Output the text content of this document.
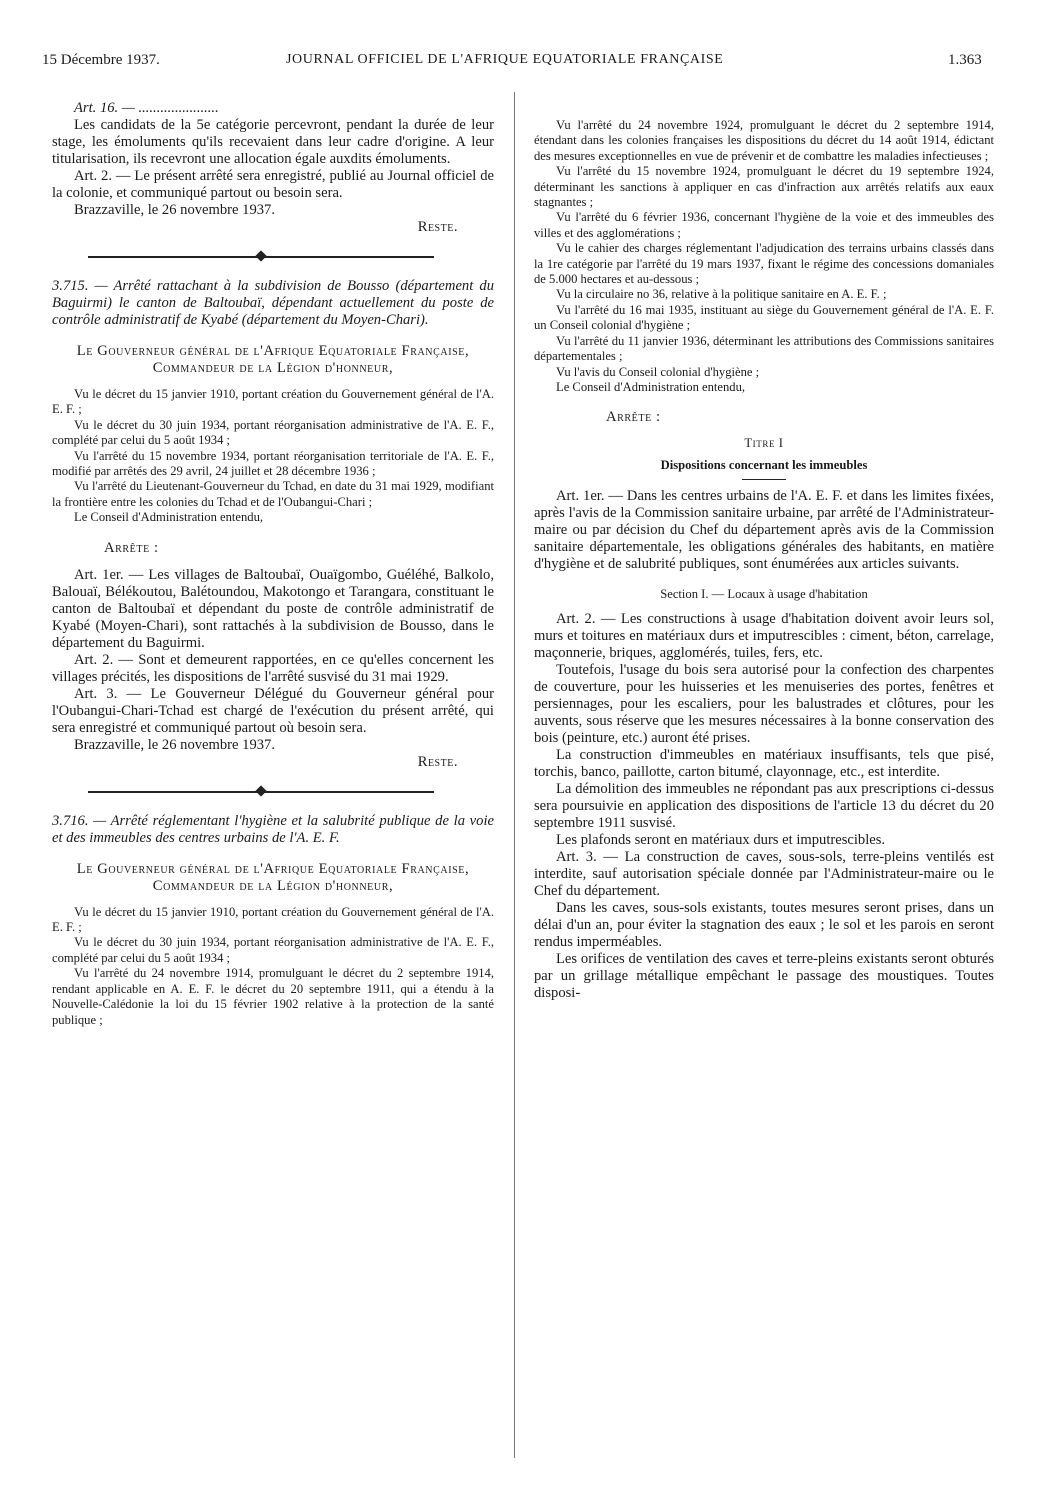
15 Décembre 1937.	JOURNAL OFFICIEL DE L'AFRIQUE EQUATORIALE FRANÇAISE	1.363

Art. 16. — ......................

Les candidats de la 5e catégorie percevront, pendant la durée de leur stage, les émoluments qu'ils recevaient dans leur cadre d'origine. A leur titularisation, ils recevront une allocation égale auxdits émoluments.

Art. 2. — Le présent arrêté sera enregistré, publié au Journal officiel de la colonie, et communiqué partout ou besoin sera.

Brazzaville, le 26 novembre 1937.

Reste.

3.715. — Arrêté rattachant à la subdivision de Bousso (département du Baguirmi) le canton de Baltoubaï, dépendant actuellement du poste de contrôle administratif de Kyabé (département du Moyen-Chari).

Le Gouverneur général de l'Afrique Equatoriale Française, Commandeur de la Légion d'honneur,

Vu le décret du 15 janvier 1910, portant création du Gouvernement général de l'A. E. F. ;

Vu le décret du 30 juin 1934, portant réorganisation administrative de l'A. E. F., complété par celui du 5 août 1934 ;

Vu l'arrêté du 15 novembre 1934, portant réorganisation territoriale de l'A. E. F., modifié par arrêtés des 29 avril, 24 juillet et 28 décembre 1936 ;

Vu l'arrêté du Lieutenant-Gouverneur du Tchad, en date du 31 mai 1929, modifiant la frontière entre les colonies du Tchad et de l'Oubangui-Chari ;

Le Conseil d'Administration entendu,

Arrête :

Art. 1er. — Les villages de Baltoubaï, Ouaïgombo, Guéléhé, Balkolo, Balouaï, Bélékoutou, Balétoundou, Makotongo et Tarangara, constituant le canton de Baltoubaï et dépendant du poste de contrôle administratif de Kyabé (Moyen-Chari), sont rattachés à la subdivision de Bousso, dans le département du Baguirmi.

Art. 2. — Sont et demeurent rapportées, en ce qu'elles concernent les villages précités, les dispositions de l'arrêté susvisé du 31 mai 1929.

Art. 3. — Le Gouverneur Délégué du Gouverneur général pour l'Oubangui-Chari-Tchad est chargé de l'exécution du présent arrêté, qui sera enregistré et communiqué partout où besoin sera.

Brazzaville, le 26 novembre 1937.

Reste.

3.716. — Arrêté réglementant l'hygiène et la salubrité publique de la voie et des immeubles des centres urbains de l'A. E. F.

Le Gouverneur général de l'Afrique Equatoriale Française, Commandeur de la Légion d'honneur,

Vu le décret du 15 janvier 1910, portant création du Gouvernement général de l'A. E. F. ;

Vu le décret du 30 juin 1934, portant réorganisation administrative de l'A. E. F., complété par celui du 5 août 1934 ;

Vu l'arrêté du 24 novembre 1914, promulguant le décret du 2 septembre 1914, rendant applicable en A. E. F. le décret du 20 septembre 1911, qui a étendu à la Nouvelle-Calédonie la loi du 15 février 1902 relative à la protection de la santé publique ;

Vu l'arrêté du 24 novembre 1924, promulguant le décret du 2 septembre 1914, étendant dans les colonies françaises les dispositions du décret du 14 août 1914, édictant des mesures exceptionnelles en vue de prévenir et de combattre les maladies infectieuses ;

Vu l'arrêté du 15 novembre 1924, promulguant le décret du 19 septembre 1924, déterminant les sanctions à appliquer en cas d'infraction aux arrêtés relatifs aux eaux stagnantes ;

Vu l'arrêté du 6 février 1936, concernant l'hygiène de la voie et des immeubles des villes et des agglomérations ;

Vu le cahier des charges réglementant l'adjudication des terrains urbains classés dans la 1re catégorie par l'arrêté du 19 mars 1937, fixant le régime des concessions domaniales de 5.000 hectares et au-dessous ;

Vu la circulaire no 36, relative à la politique sanitaire en A. E. F. ;

Vu l'arrêté du 16 mai 1935, instituant au siège du Gouvernement général de l'A. E. F. un Conseil colonial d'hygiène ;

Vu l'arrêté du 11 janvier 1936, déterminant les attributions des Commissions sanitaires départementales ;

Vu l'avis du Conseil colonial d'hygiène ;

Le Conseil d'Administration entendu,

Arrête :

Titre I

Dispositions concernant les immeubles

Art. 1er. — Dans les centres urbains de l'A. E. F. et dans les limites fixées, après l'avis de la Commission sanitaire urbaine, par arrêté de l'Administrateur-maire ou par décision du Chef du département après avis de la Commission sanitaire départementale, les obligations générales des habitants, en matière d'hygiène et de salubrité publiques, sont énumérées aux articles suivants.

Section I. — Locaux à usage d'habitation

Art. 2. — Les constructions à usage d'habitation doivent avoir leurs sol, murs et toitures en matériaux durs et imputrescibles : ciment, béton, carrelage, maçonnerie, briques, agglomérés, tuiles, fers, etc.

Toutefois, l'usage du bois sera autorisé pour la confection des charpentes de couverture, pour les huisseries et les menuiseries des portes, fenêtres et persiennages, pour les escaliers, pour les balustrades et clôtures, pour les auvents, sous réserve que les mesures nécessaires à la bonne conservation des bois (peinture, etc.) auront été prises.

La construction d'immeubles en matériaux insuffisants, tels que pisé, torchis, banco, paillotte, carton bitumé, clayonnage, etc., est interdite.

La démolition des immeubles ne répondant pas aux prescriptions ci-dessus sera poursuivie en application des dispositions de l'article 13 du décret du 20 septembre 1911 susvisé.

Les plafonds seront en matériaux durs et imputrescibles.

Art. 3. — La construction de caves, sous-sols, terre-pleins ventilés est interdite, sauf autorisation spéciale donnée par l'Administrateur-maire ou le Chef du département.

Dans les caves, sous-sols existants, toutes mesures seront prises, dans un délai d'un an, pour éviter la stagnation des eaux ; le sol et les parois en seront rendus imperméables.

Les orifices de ventilation des caves et terre-pleins existants seront obturés par un grillage métallique empêchant le passage des moustiques. Toutes disposi-
